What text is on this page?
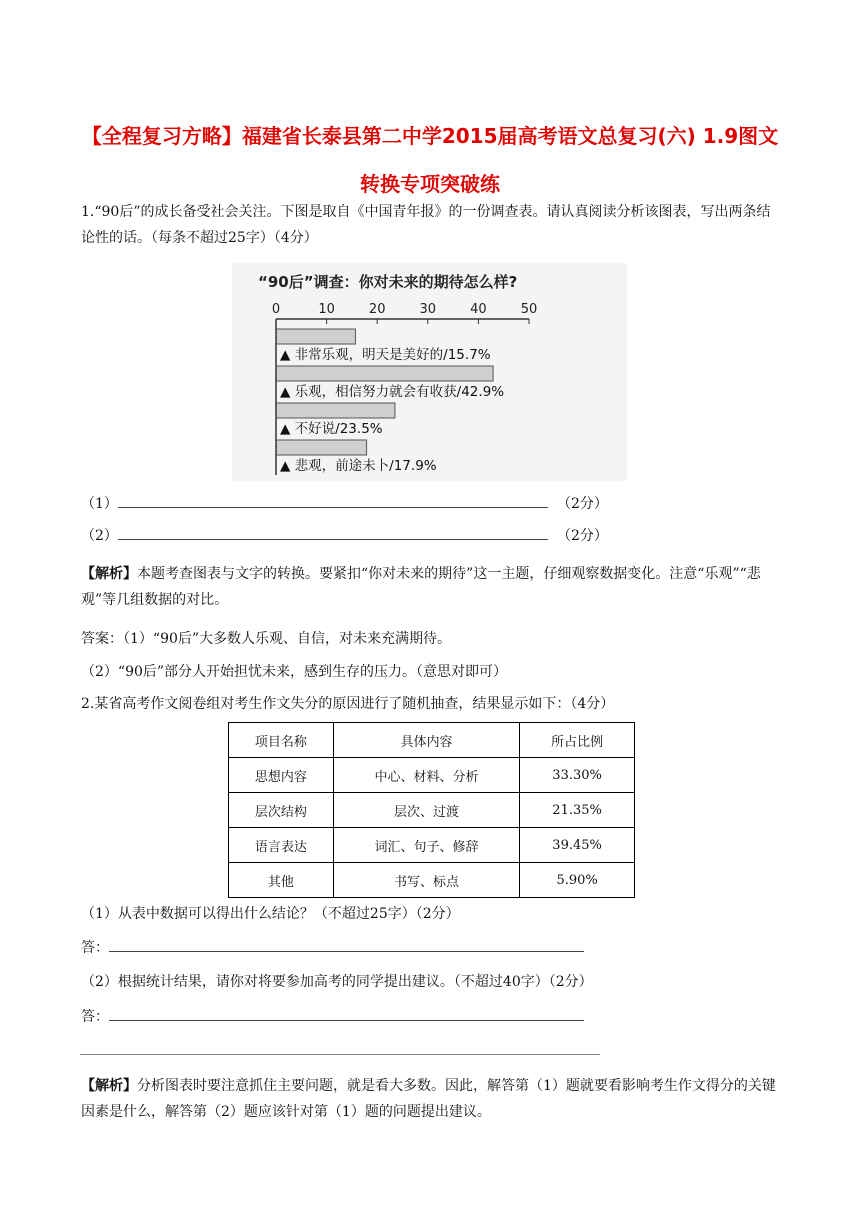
【全程复习方略】福建省长泰县第二中学2015届高考语文总复习(六) 1.9图文
转换专项突破练
1.“90后”的成长备受社会关注。下图是取自《中国青年报》的一份调查表。请认真阅读分析该图表，写出两条结论性的话。（每条不超过25字）（4分）
“90后”调查：你对未来的期待怎么样?
0	10	20	30	40	50
▲ 非常乐观，明天是美好的/15.7%
▲ 乐观，相信努力就会有收获/42.9%
▲ 不好说/23.5%
▲ 悲观，前途未卜/17.9%
（1）	（2分）
（2）	（2分）
【解析】本题考查图表与文字的转换。要紧扣“你对未来的期待”这一主题，仔细观察数据变化。注意“乐观”“悲观”等几组数据的对比。
答案：（1）“90后”大多数人乐观、自信，对未来充满期待。
（2）“90后”部分人开始担忧未来，感到生存的压力。（意思对即可）
2.某省高考作文阅卷组对考生作文失分的原因进行了随机抽查，结果显示如下：（4分）
项目名称	具体内容	所占比例
思想内容	中心、材料、分析	33.30%
层次结构	层次、过渡	21.35%
语言表达	词汇、句子、修辞	39.45%
其他	书写、标点	5.90%
（1）从表中数据可以得出什么结论？（不超过25字）（2分）
答：
（2）根据统计结果，请你对将要参加高考的同学提出建议。（不超过40字）（2分）
答：
【解析】分析图表时要注意抓住主要问题，就是看大多数。因此，解答第（1）题就要看影响考生作文得分的关键因素是什么，解答第（2）题应该针对第（1）题的问题提出建议。
